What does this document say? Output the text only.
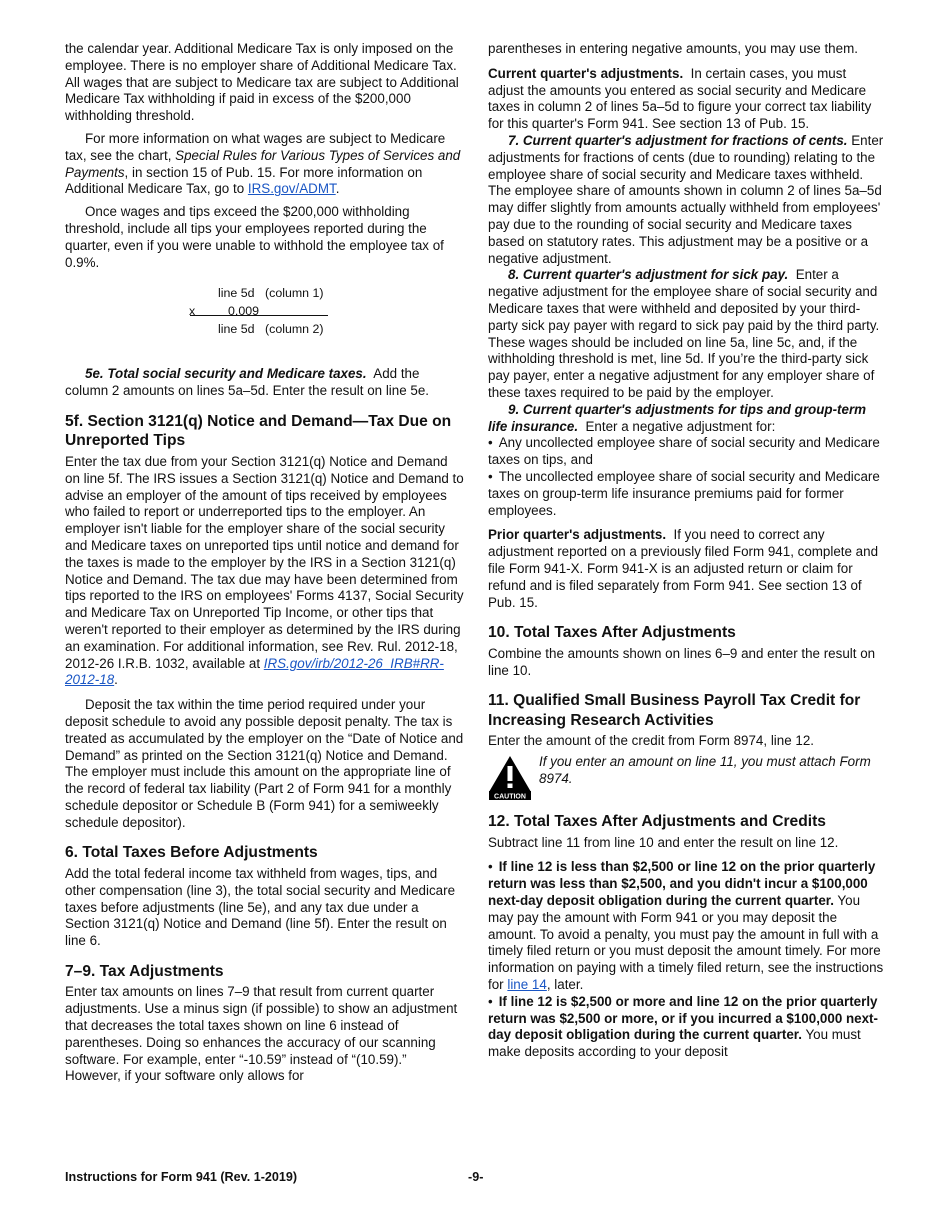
the calendar year. Additional Medicare Tax is only imposed on the employee. There is no employer share of Additional Medicare Tax. All wages that are subject to Medicare tax are subject to Additional Medicare Tax withholding if paid in excess of the $200,000 withholding threshold.

For more information on what wages are subject to Medicare tax, see the chart, Special Rules for Various Types of Services and Payments, in section 15 of Pub. 15. For more information on Additional Medicare Tax, go to IRS.gov/ADMT.

Once wages and tips exceed the $200,000 withholding threshold, include all tips your employees reported during the quarter, even if you were unable to withhold the employee tax of 0.9%.

line 5d (column 1)
x	0.009
line 5d (column 2)

5e. Total social security and Medicare taxes. Add the column 2 amounts on lines 5a–5d. Enter the result on line 5e.

5f. Section 3121(q) Notice and Demand—Tax Due on Unreported Tips

Enter the tax due from your Section 3121(q) Notice and Demand on line 5f. The IRS issues a Section 3121(q) Notice and Demand to advise an employer of the amount of tips received by employees who failed to report or underreported tips to the employer. An employer isn't liable for the employer share of the social security and Medicare taxes on unreported tips until notice and demand for the taxes is made to the employer by the IRS in a Section 3121(q) Notice and Demand. The tax due may have been determined from tips reported to the IRS on employees' Forms 4137, Social Security and Medicare Tax on Unreported Tip Income, or other tips that weren't reported to their employer as determined by the IRS during an examination. For additional information, see Rev. Rul. 2012-18, 2012-26 I.R.B. 1032, available at IRS.gov/irb/2012-26_IRB#RR-2012-18.

Deposit the tax within the time period required under your deposit schedule to avoid any possible deposit penalty. The tax is treated as accumulated by the employer on the “Date of Notice and Demand” as printed on the Section 3121(q) Notice and Demand. The employer must include this amount on the appropriate line of the record of federal tax liability (Part 2 of Form 941 for a monthly schedule depositor or Schedule B (Form 941) for a semiweekly schedule depositor).

6. Total Taxes Before Adjustments

Add the total federal income tax withheld from wages, tips, and other compensation (line 3), the total social security and Medicare taxes before adjustments (line 5e), and any tax due under a Section 3121(q) Notice and Demand (line 5f). Enter the result on line 6.

7–9. Tax Adjustments

Enter tax amounts on lines 7–9 that result from current quarter adjustments. Use a minus sign (if possible) to show an adjustment that decreases the total taxes shown on line 6 instead of parentheses. Doing so enhances the accuracy of our scanning software. For example, enter “-10.59” instead of “(10.59).” However, if your software only allows for

parentheses in entering negative amounts, you may use them.

Current quarter's adjustments. In certain cases, you must adjust the amounts you entered as social security and Medicare taxes in column 2 of lines 5a–5d to figure your correct tax liability for this quarter's Form 941. See section 13 of Pub. 15.

7. Current quarter's adjustment for fractions of cents. Enter adjustments for fractions of cents (due to rounding) relating to the employee share of social security and Medicare taxes withheld. The employee share of amounts shown in column 2 of lines 5a–5d may differ slightly from amounts actually withheld from employees' pay due to the rounding of social security and Medicare taxes based on statutory rates. This adjustment may be a positive or a negative adjustment.

8. Current quarter's adjustment for sick pay. Enter a negative adjustment for the employee share of social security and Medicare taxes that were withheld and deposited by your third-party sick pay payer with regard to sick pay paid by the third party. These wages should be included on line 5a, line 5c, and, if the withholding threshold is met, line 5d. If you’re the third-party sick pay payer, enter a negative adjustment for any employer share of these taxes required to be paid by the employer.

9. Current quarter's adjustments for tips and group-term life insurance. Enter a negative adjustment for:

• Any uncollected employee share of social security and Medicare taxes on tips, and

• The uncollected employee share of social security and Medicare taxes on group-term life insurance premiums paid for former employees.

Prior quarter's adjustments. If you need to correct any adjustment reported on a previously filed Form 941, complete and file Form 941-X. Form 941-X is an adjusted return or claim for refund and is filed separately from Form 941. See section 13 of Pub. 15.

10. Total Taxes After Adjustments

Combine the amounts shown on lines 6–9 and enter the result on line 10.

11. Qualified Small Business Payroll Tax Credit for Increasing Research Activities

Enter the amount of the credit from Form 8974, line 12.

CAUTION
If you enter an amount on line 11, you must attach Form 8974.
12. Total Taxes After Adjustments and Credits

Subtract line 11 from line 10 and enter the result on line 12.

• If line 12 is less than $2,500 or line 12 on the prior quarterly return was less than $2,500, and you didn't incur a $100,000 next-day deposit obligation during the current quarter. You may pay the amount with Form 941 or you may deposit the amount. To avoid a penalty, you must pay the amount in full with a timely filed return or you must deposit the amount timely. For more information on paying with a timely filed return, see the instructions for line 14, later.

• If line 12 is $2,500 or more and line 12 on the prior quarterly return was $2,500 or more, or if you incurred a $100,000 next-day deposit obligation during the current quarter. You must make deposits according to your deposit

Instructions for Form 941 (Rev. 1-2019)	-9-
